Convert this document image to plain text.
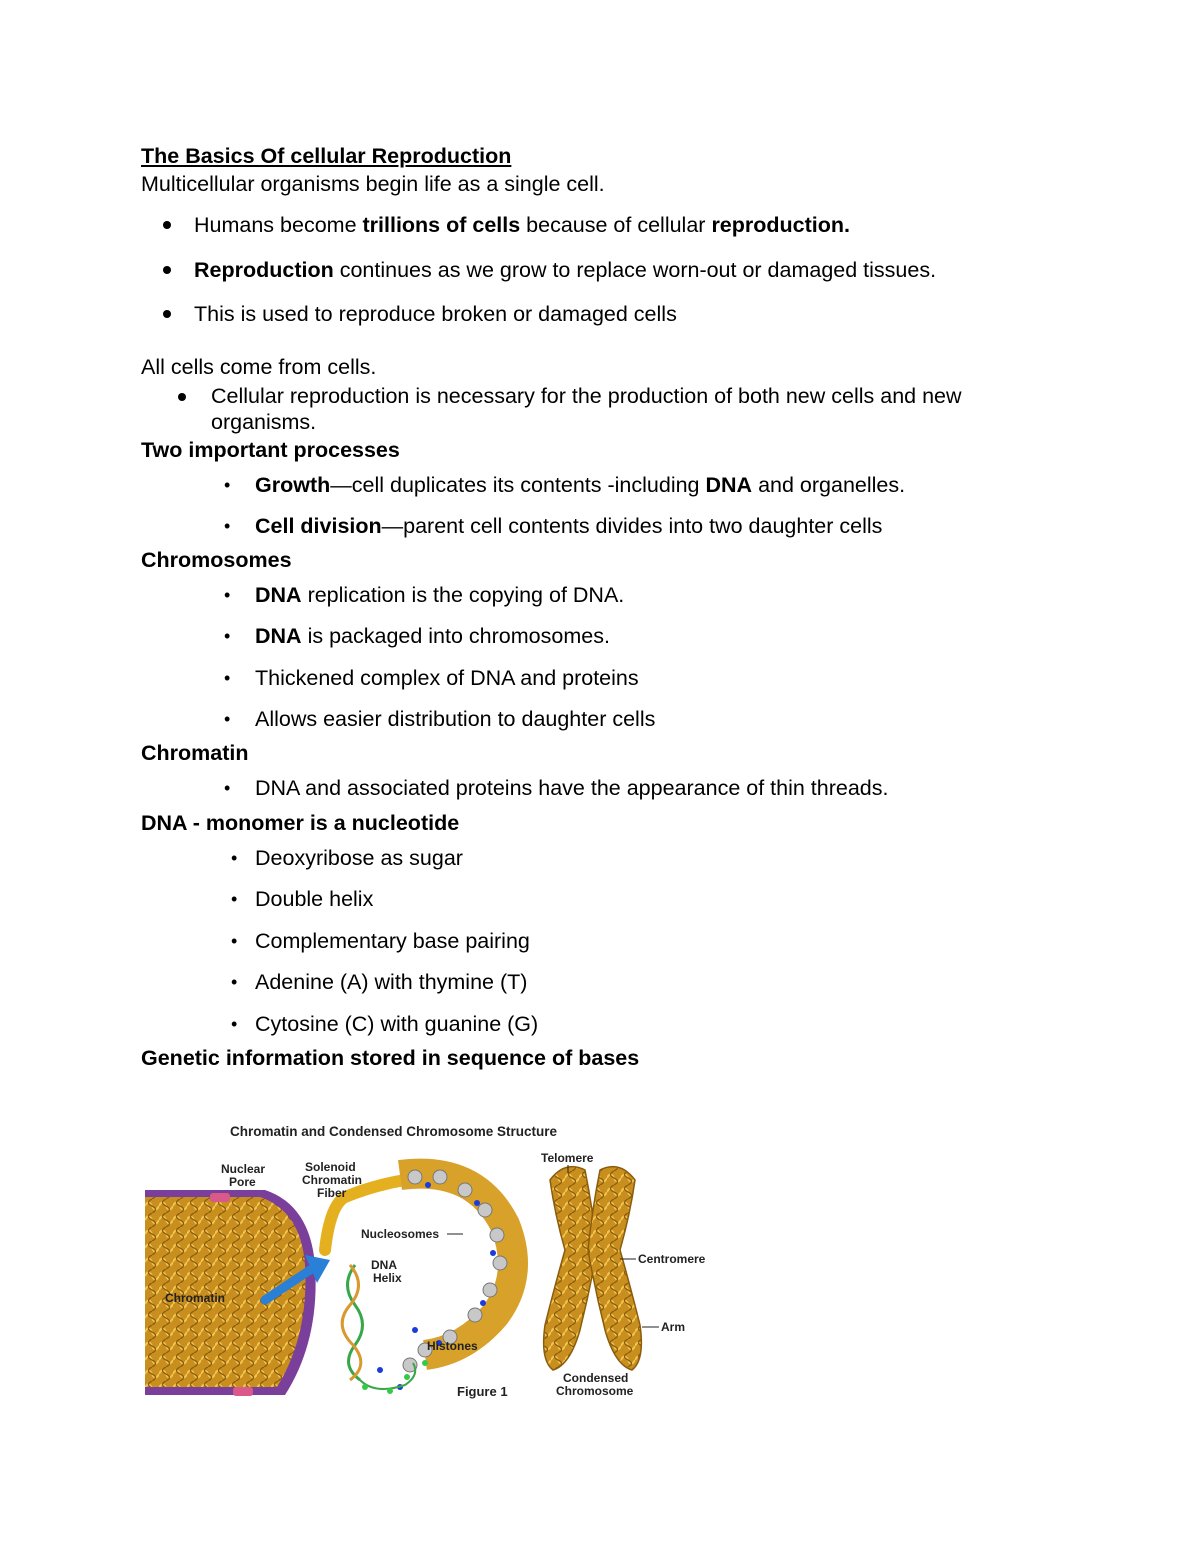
The Basics Of cellular Reproduction
Multicellular organisms begin life as a single cell.
Humans become trillions of cells because of cellular reproduction.
Reproduction continues as we grow to replace worn-out or damaged tissues.
This is used to reproduce broken or damaged cells
All cells come from cells.
Cellular reproduction is necessary for the production of both new cells and new
organisms.
Two important processes
• Growth—cell duplicates its contents -including DNA and organelles.
• Cell division—parent cell contents divides into two daughter cells
Chromosomes
• DNA replication is the copying of DNA.
• DNA is packaged into chromosomes.
• Thickened complex of DNA and proteins
• Allows easier distribution to daughter cells
Chromatin
• DNA and associated proteins have the appearance of thin threads.
DNA - monomer is a nucleotide
• Deoxyribose as sugar
• Double helix
• Complementary base pairing
• Adenine (A) with thymine (T)
• Cytosine (C) with guanine (G)
Genetic information stored in sequence of bases
Chromatin and Condensed Chromosome Structure
Chromatin
Nuclear
Pore
Solenoid
Chromatin
Fiber
Nucleosomes
DNA
Helix
Histones
Figure 1
Telomere
Centromere
Arm
Condensed
Chromosome
